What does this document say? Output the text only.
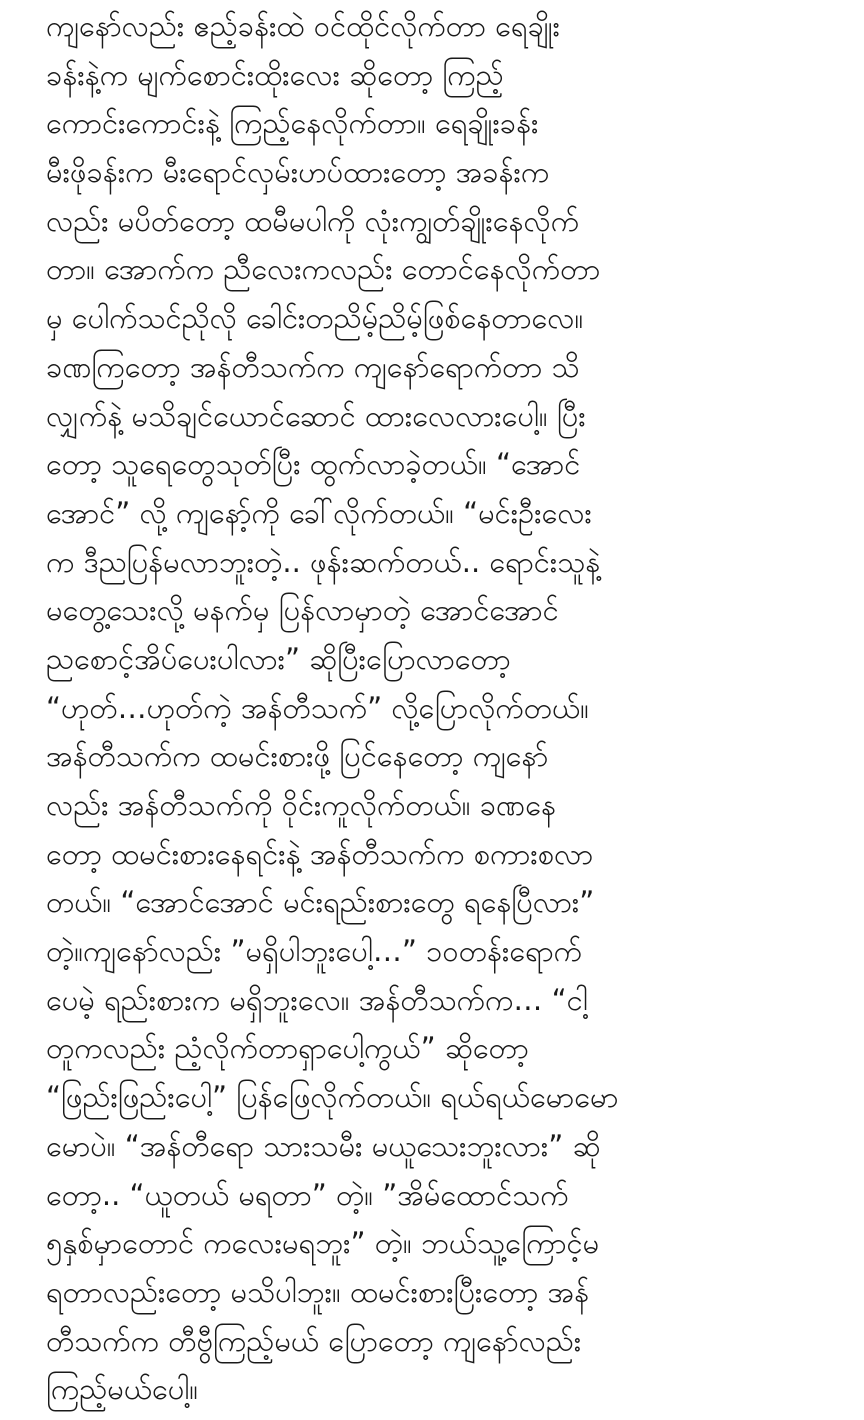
ကျနော်လည်း ဧည့်ခန်းထဲ ဝင်ထိုင်လိုက်တာ ရေချိုး
ခန်းနဲ့က မျက်စောင်းထိုးလေး ဆိုတော့ ကြည့်
ကောင်းကောင်းနဲ့ ကြည့်နေလိုက်တာ။ ရေချိုးခန်း
မီးဖိုခန်းက မီးရောင်လှမ်းဟပ်ထားတော့ အခန်းက
လည်း မပိတ်တော့ ထမီမပါကို လုံးကျွတ်ချိုးနေလိုက်
တာ။ အောက်က ညီလေးကလည်း တောင်နေလိုက်တာ
မှ ပေါက်သင်ညိုလို ခေါင်းတညိမ့်ညိမ့်ဖြစ်နေတာလေ။
ခဏကြတော့ အန်တီသက်က ကျနော်ရောက်တာ သိ
လျှက်နဲ့ မသိချင်ယောင်ဆောင် ထားလေလားပေါ့။ ပြီး
တော့ သူရေတွေသုတ်ပြီး ထွက်လာခဲ့တယ်။ “အောင်
အောင်” လို့ ကျနော့်ကို ခေါ်လိုက်တယ်။ “မင်းဦးလေး
က ဒီညပြန်မလာဘူးတဲ့.. ဖုန်းဆက်တယ်.. ရောင်းသူနဲ့
မတွေ့သေးလို့ မနက်မှ ပြန်လာမှာတဲ့ အောင်အောင်
ညစောင့်အိပ်ပေးပါလား” ဆိုပြီးပြောလာတော့
“ဟုတ်…ဟုတ်ကဲ့ အန်တီသက်” လို့ပြောလိုက်တယ်။
အန်တီသက်က ထမင်းစားဖို့ ပြင်နေတော့ ကျနော်
လည်း အန်တီသက်ကို ဝိုင်းကူလိုက်တယ်။ ခဏနေ
တော့ ထမင်းစားနေရင်းနဲ့ အန်တီသက်က စကားစလာ
တယ်။ “အောင်အောင် မင်းရည်းစားတွေ ရနေပြီလား”
တဲ့။ကျနော်လည်း ”မရှိပါဘူးပေါ့…” ၁၀တန်းရောက်
ပေမဲ့ ရည်းစားက မရှိဘူးလေ။ အန်တီသက်က… “ငါ့
တူကလည်း ညံ့လိုက်တာရှာပေါ့ကွယ်” ဆိုတော့
“ဖြည်းဖြည်းပေါ့” ပြန်ဖြေလိုက်တယ်။ ရယ်ရယ်မောမော
မောပဲ။ “အန်တီရော သားသမီး မယူသေးဘူးလား” ဆို
တော့.. “ယူတယ် မရတာ” တဲ့။ ”အိမ်ထောင်သက်
၅နှစ်မှာတောင် ကလေးမရဘူး” တဲ့။ ဘယ်သူ့ကြောင့်မ
ရတာလည်းတော့ မသိပါဘူး။ ထမင်းစားပြီးတော့ အန်
တီသက်က တီဗွီကြည့်မယ် ပြောတော့ ကျနော်လည်း
ကြည့်မယ်ပေါ့။
